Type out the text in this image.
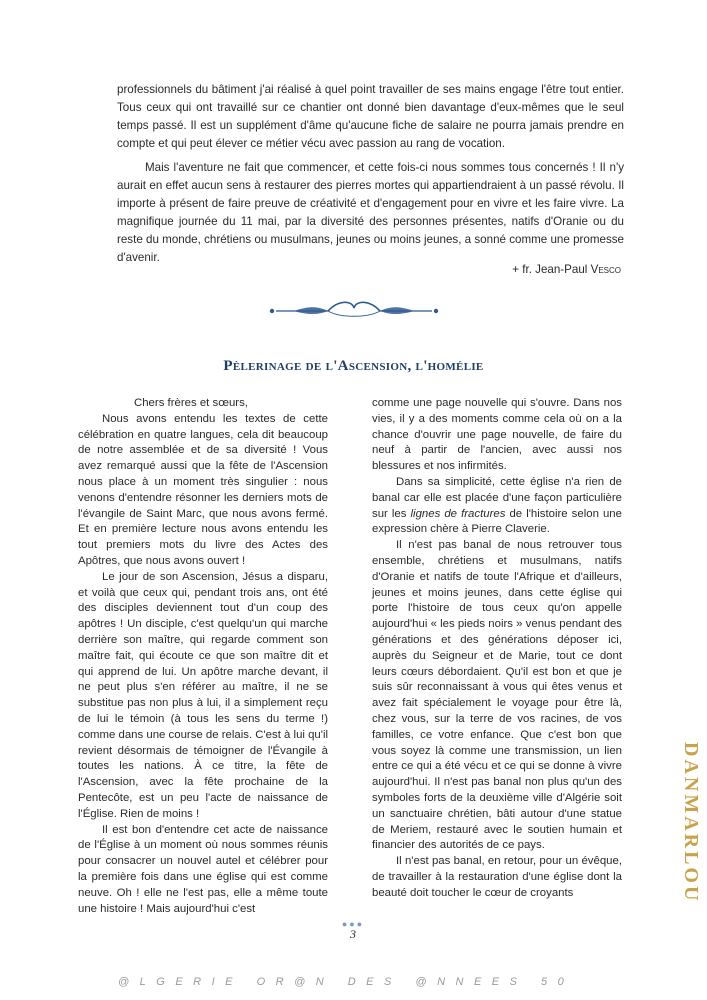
professionnels du bâtiment j'ai réalisé à quel point travailler de ses mains engage l'être tout entier. Tous ceux qui ont travaillé sur ce chantier ont donné bien davantage d'eux-mêmes que le seul temps passé. Il est un supplément d'âme qu'aucune fiche de salaire ne pourra jamais prendre en compte et qui peut élever ce métier vécu avec passion au rang de vocation.

Mais l'aventure ne fait que commencer, et cette fois-ci nous sommes tous concernés ! Il n'y aurait en effet aucun sens à restaurer des pierres mortes qui appartiendraient à un passé révolu. Il importe à présent de faire preuve de créativité et d'engagement pour en vivre et les faire vivre. La magnifique journée du 11 mai, par la diversité des personnes présentes, natifs d'Oranie ou du reste du monde, chrétiens ou musulmans, jeunes ou moins jeunes, a sonné comme une promesse d'avenir.

+ fr. Jean-Paul Vesco
Pèlerinage de l'Ascension, l'homélie

Chers frères et sœurs,

Nous avons entendu les textes de cette célébration en quatre langues, cela dit beaucoup de notre assemblée et de sa diversité ! Vous avez remarqué aussi que la fête de l'Ascension nous place à un moment très singulier : nous venons d'entendre résonner les derniers mots de l'évangile de Saint Marc, que nous avons fermé. Et en première lecture nous avons entendu les tout premiers mots du livre des Actes des Apôtres, que nous avons ouvert !

Le jour de son Ascension, Jésus a disparu, et voilà que ceux qui, pendant trois ans, ont été des disciples deviennent tout d'un coup des apôtres ! Un disciple, c'est quelqu'un qui marche derrière son maître, qui regarde comment son maître fait, qui écoute ce que son maître dit et qui apprend de lui. Un apôtre marche devant, il ne peut plus s'en référer au maître, il ne se substitue pas non plus à lui, il a simplement reçu de lui le témoin (à tous les sens du terme !) comme dans une course de relais. C'est à lui qu'il revient désormais de témoigner de l'Évangile à toutes les nations. À ce titre, la fête de l'Ascension, avec la fête prochaine de la Pentecôte, est un peu l'acte de naissance de l'Église. Rien de moins !

Il est bon d'entendre cet acte de naissance de l'Église à un moment où nous sommes réunis pour consacrer un nouvel autel et célébrer pour la première fois dans une église qui est comme neuve. Oh ! elle ne l'est pas, elle a même toute une histoire ! Mais aujourd'hui c'est

comme une page nouvelle qui s'ouvre. Dans nos vies, il y a des moments comme cela où on a la chance d'ouvrir une page nouvelle, de faire du neuf à partir de l'ancien, avec aussi nos blessures et nos infirmités.

Dans sa simplicité, cette église n'a rien de banal car elle est placée d'une façon particulière sur les lignes de fractures de l'histoire selon une expression chère à Pierre Claverie.

Il n'est pas banal de nous retrouver tous ensemble, chrétiens et musulmans, natifs d'Oranie et natifs de toute l'Afrique et d'ailleurs, jeunes et moins jeunes, dans cette église qui porte l'histoire de tous ceux qu'on appelle aujourd'hui « les pieds noirs » venus pendant des générations et des générations déposer ici, auprès du Seigneur et de Marie, tout ce dont leurs cœurs débordaient. Qu'il est bon et que je suis sûr reconnaissant à vous qui êtes venus et avez fait spécialement le voyage pour être là, chez vous, sur la terre de vos racines, de vos familles, ce votre enfance. Que c'est bon que vous soyez là comme une transmission, un lien entre ce qui a été vécu et ce qui se donne à vivre aujourd'hui. Il n'est pas banal non plus qu'un des symboles forts de la deuxième ville d'Algérie soit un sanctuaire chrétien, bâti autour d'une statue de Meriem, restauré avec le soutien humain et financier des autorités de ce pays.

Il n'est pas banal, en retour, pour un évêque, de travailler à la restauration d'une église dont la beauté doit toucher le cœur de croyants

●●●
3
@LGERIE OR@N DES @NNEES 50
DANMARLOU
